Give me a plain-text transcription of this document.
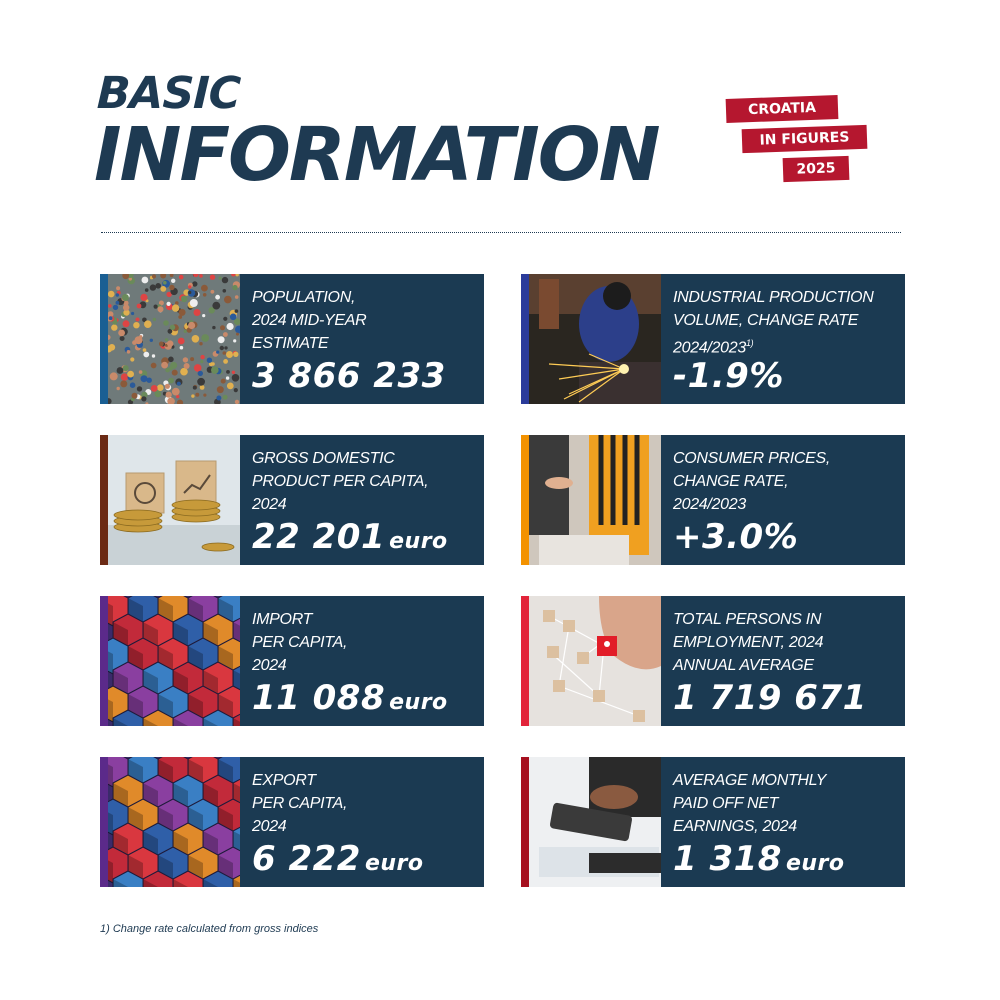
BASIC
INFORMATION
CROATIA
IN FIGURES
2025

POPULATION,
2024 MID-YEAR
ESTIMATE

3 866 233

INDUSTRIAL PRODUCTION
VOLUME, CHANGE RATE
2024/2023$^{1)}$

-1.9%

GROSS DOMESTIC
PRODUCT PER CAPITA,
2024

22 201 euro

CONSUMER PRICES,
CHANGE RATE,
2024/2023

+3.0%

IMPORT
PER CAPITA,
2024

11 088 euro

TOTAL PERSONS IN
EMPLOYMENT, 2024
ANNUAL AVERAGE

1 719 671

EXPORT
PER CAPITA,
2024

6 222 euro

AVERAGE MONTHLY
PAID OFF NET
EARNINGS, 2024

1 318 euro
1) Change rate calculated from gross indices
